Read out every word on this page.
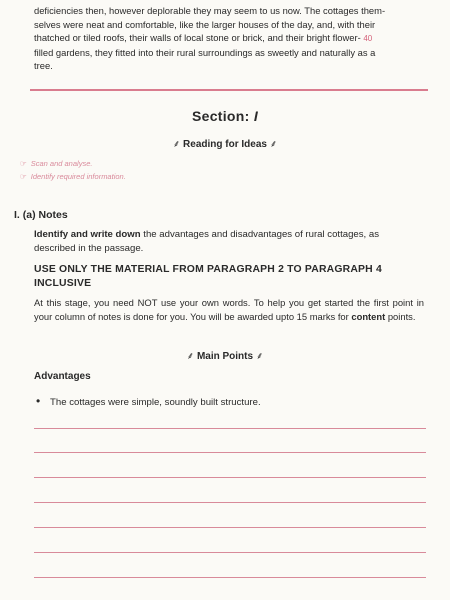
deficiencies then, however deplorable they may seem to us now. The cottages them-
selves were neat and comfortable, like the larger houses of the day, and, with their
thatched or tiled roofs, their walls of local stone or brick, and their bright flower- 40
filled gardens, they fitted into their rural surroundings as sweetly and naturally as a
tree.
Section: I
⸙ Reading for Ideas ⸙
☞ Scan and analyse.
☞ Identify required information.
I. (a) Notes
Identify and write down the advantages and disadvantages of rural cottages, as described in the passage.
USE ONLY THE MATERIAL FROM PARAGRAPH 2 TO PARAGRAPH 4 INCLUSIVE
At this stage, you need NOT use your own words. To help you get started the first point in your column of notes is done for you. You will be awarded upto 15 marks for content points.
⸙ Main Points ⸙
Advantages
• The cottages were simple, soundly built structure.
